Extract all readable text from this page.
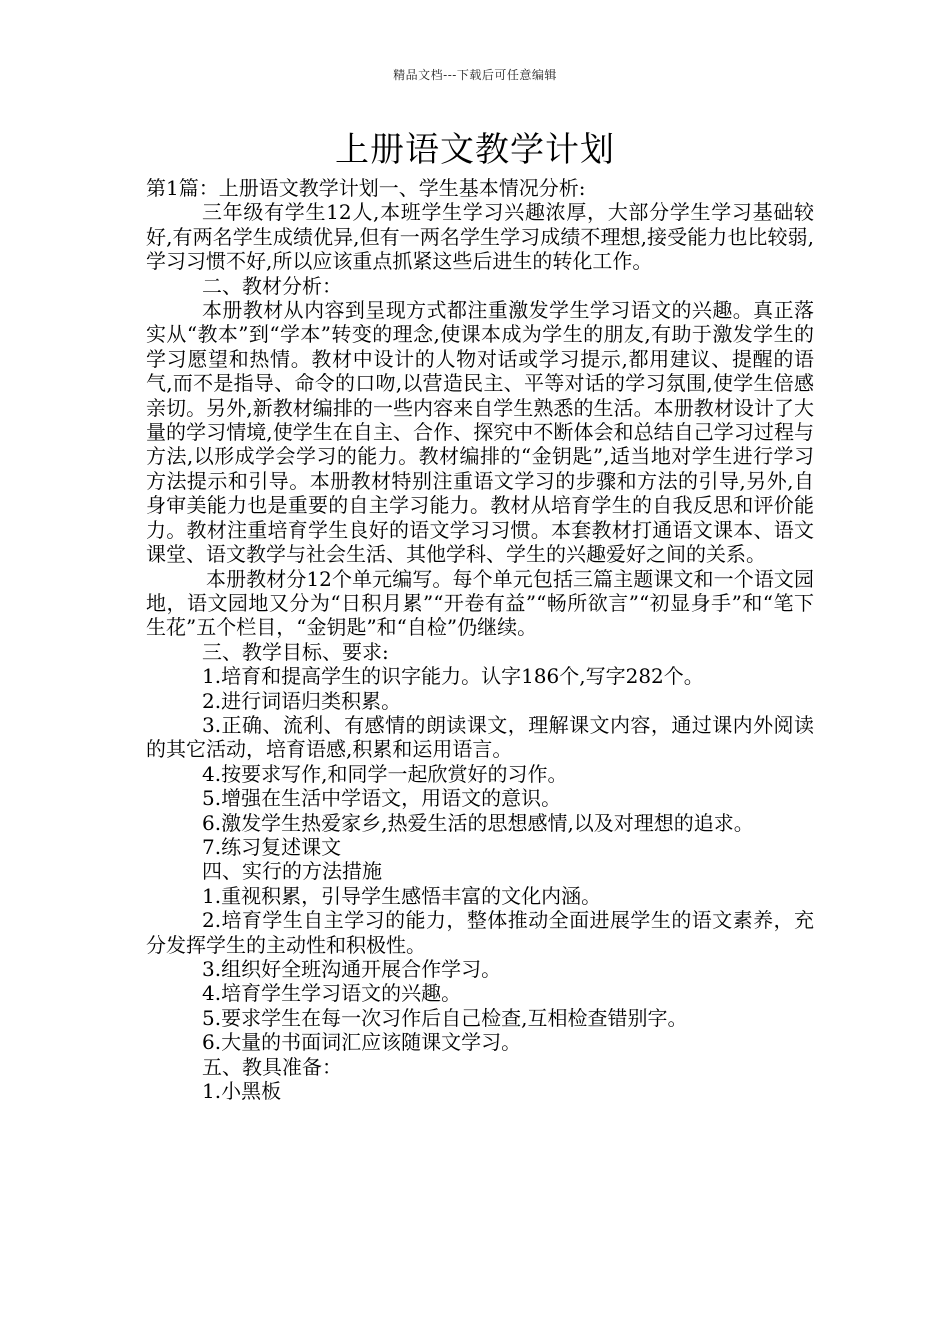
精品文档---下载后可任意编辑
上册语文教学计划

第1篇：上册语文教学计划一、学生基本情况分析:

三年级有学生12人,本班学生学习兴趣浓厚，大部分学生学习基础较好,有两名学生成绩优异,但有一两名学生学习成绩不理想,接受能力也比较弱,学习习惯不好,所以应该重点抓紧这些后进生的转化工作。

二、教材分析：

本册教材从内容到呈现方式都注重激发学生学习语文的兴趣。真正落实从“教本”到“学本”转变的理念,使课本成为学生的朋友,有助于激发学生的学习愿望和热情。教材中设计的人物对话或学习提示,都用建议、提醒的语气,而不是指导、命令的口吻,以营造民主、平等对话的学习氛围,使学生倍感亲切。另外,新教材编排的一些内容来自学生熟悉的生活。本册教材设计了大量的学习情境,使学生在自主、合作、探究中不断体会和总结自己学习过程与方法,以形成学会学习的能力。教材编排的“金钥匙”,适当地对学生进行学习方法提示和引导。本册教材特别注重语文学习的步骤和方法的引导,另外,自身审美能力也是重要的自主学习能力。教材从培育学生的自我反思和评价能力。教材注重培育学生良好的语文学习习惯。本套教材打通语文课本、语文课堂、语文教学与社会生活、其他学科、学生的兴趣爱好之间的关系。

本册教材分12个单元编写。每个单元包括三篇主题课文和一个语文园地，语文园地又分为“日积月累”“开卷有益”“畅所欲言”“初显身手”和“笔下生花”五个栏目，“金钥匙”和“自检”仍继续。

三、教学目标、要求:

1.培育和提高学生的识字能力。认字186个,写字282个。

2.进行词语归类积累。

3.正确、流利、有感情的朗读课文，理解课文内容，通过课内外阅读的其它活动，培育语感,积累和运用语言。

4.按要求写作,和同学一起欣赏好的习作。

5.增强在生活中学语文，用语文的意识。

6.激发学生热爱家乡,热爱生活的思想感情,以及对理想的追求。

7.练习复述课文

四、实行的方法措施

1.重视积累，引导学生感悟丰富的文化内涵。

2.培育学生自主学习的能力，整体推动全面进展学生的语文素养，充分发挥学生的主动性和积极性。

3.组织好全班沟通开展合作学习。

4.培育学生学习语文的兴趣。

5.要求学生在每一次习作后自己检查,互相检查错别字。

6.大量的书面词汇应该随课文学习。

五、教具准备：

1.小黑板
